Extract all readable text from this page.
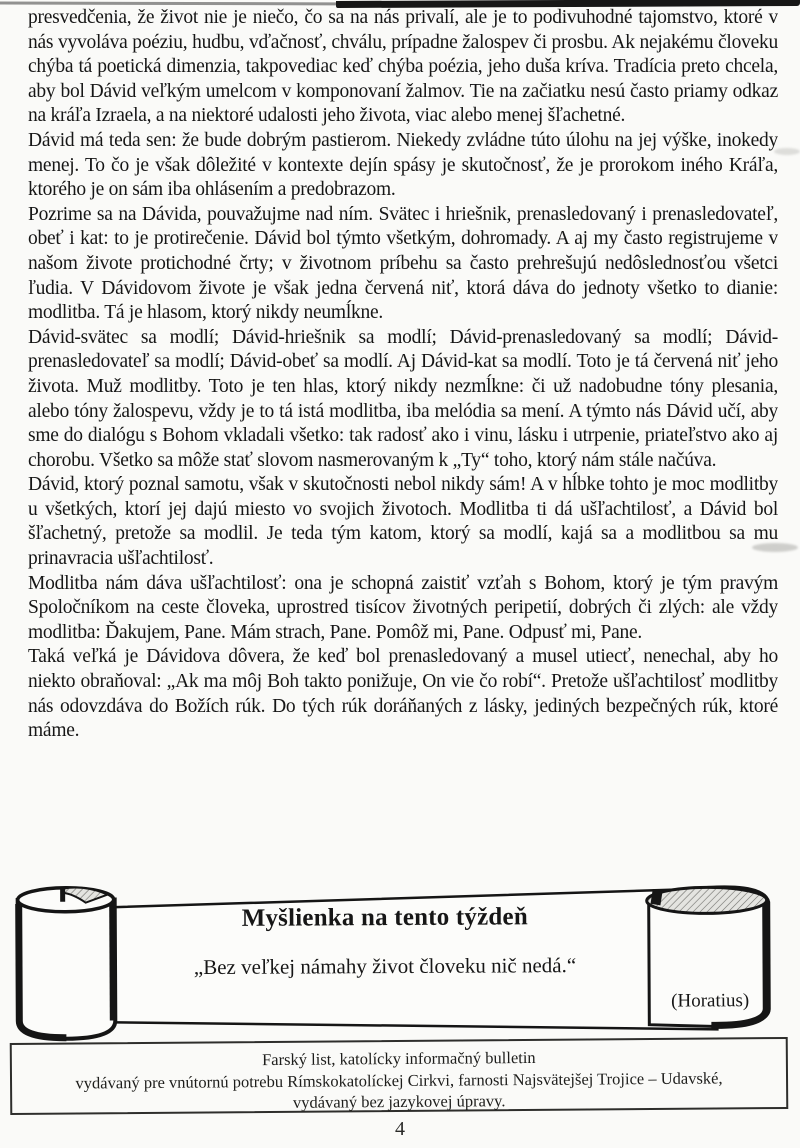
presvedčenia, že život nie je niečo, čo sa na nás privalí, ale je to podivuhodné tajomstvo, ktoré v nás vyvoláva poéziu, hudbu, vďačnosť, chválu, prípadne žalospev či prosbu. Ak nejakému človeku chýba tá poetická dimenzia, takpovediac keď chýba poézia, jeho duša kríva. Tradícia preto chcela, aby bol Dávid veľkým umelcom v komponovaní žalmov. Tie na začiatku nesú často priamy odkaz na kráľa Izraela, a na niektoré udalosti jeho života, viac alebo menej šľachetné.

Dávid má teda sen: že bude dobrým pastierom. Niekedy zvládne túto úlohu na jej výške, inokedy menej. To čo je však dôležité v kontexte dejín spásy je skutočnosť, že je prorokom iného Kráľa, ktorého je on sám iba ohlásením a predobrazom.

Pozrime sa na Dávida, pouvažujme nad ním. Svätec i hriešnik, prenasledovaný i prenasledovateľ, obeť i kat: to je protirečenie. Dávid bol týmto všetkým, dohromady. A aj my často registrujeme v našom živote protichodné črty; v životnom príbehu sa často prehrešujú nedôslednosťou všetci ľudia. V Dávidovom živote je však jedna červená niť, ktorá dáva do jednoty všetko to dianie: modlitba. Tá je hlasom, ktorý nikdy neumĺkne.

Dávid-svätec sa modlí; Dávid-hriešnik sa modlí; Dávid-prenasledovaný sa modlí; Dávid-prenasledovateľ sa modlí; Dávid-obeť sa modlí. Aj Dávid-kat sa modlí. Toto je tá červená niť jeho života. Muž modlitby. Toto je ten hlas, ktorý nikdy nezmĺkne: či už nadobudne tóny plesania, alebo tóny žalospevu, vždy je to tá istá modlitba, iba melódia sa mení. A týmto nás Dávid učí, aby sme do dialógu s Bohom vkladali všetko: tak radosť ako i vinu, lásku i utrpenie, priateľstvo ako aj chorobu. Všetko sa môže stať slovom nasmerovaným k „Ty“ toho, ktorý nám stále načúva.

Dávid, ktorý poznal samotu, však v skutočnosti nebol nikdy sám! A v hĺbke tohto je moc modlitby u všetkých, ktorí jej dajú miesto vo svojich životoch. Modlitba ti dá ušľachtilosť, a Dávid bol šľachetný, pretože sa modlil. Je teda tým katom, ktorý sa modlí, kajá sa a modlitbou sa mu prinavracia ušľachtilosť.

Modlitba nám dáva ušľachtilosť: ona je schopná zaistiť vzťah s Bohom, ktorý je tým pravým Spoločníkom na ceste človeka, uprostred tisícov životných peripetií, dobrých či zlých: ale vždy modlitba: Ďakujem, Pane. Mám strach, Pane. Pomôž mi, Pane. Odpusť mi, Pane.

Taká veľká je Dávidova dôvera, že keď bol prenasledovaný a musel utiecť, nenechal, aby ho niekto obraňoval: „Ak ma môj Boh takto ponižuje, On vie čo robí“. Pretože ušľachtilosť modlitby nás odovzdáva do Božích rúk. Do tých rúk doráňaných z lásky, jediných bezpečných rúk, ktoré máme.

Myšlienka na tento týždeň
„Bez veľkej námahy život človeku nič nedá.“
(Horatius)
Farský list, katolícky informačný bulletin
vydávaný pre vnútornú potrebu Rímskokatolíckej Cirkvi, farnosti Najsvätejšej Trojice – Udavské,
vydávaný bez jazykovej úpravy.
4
